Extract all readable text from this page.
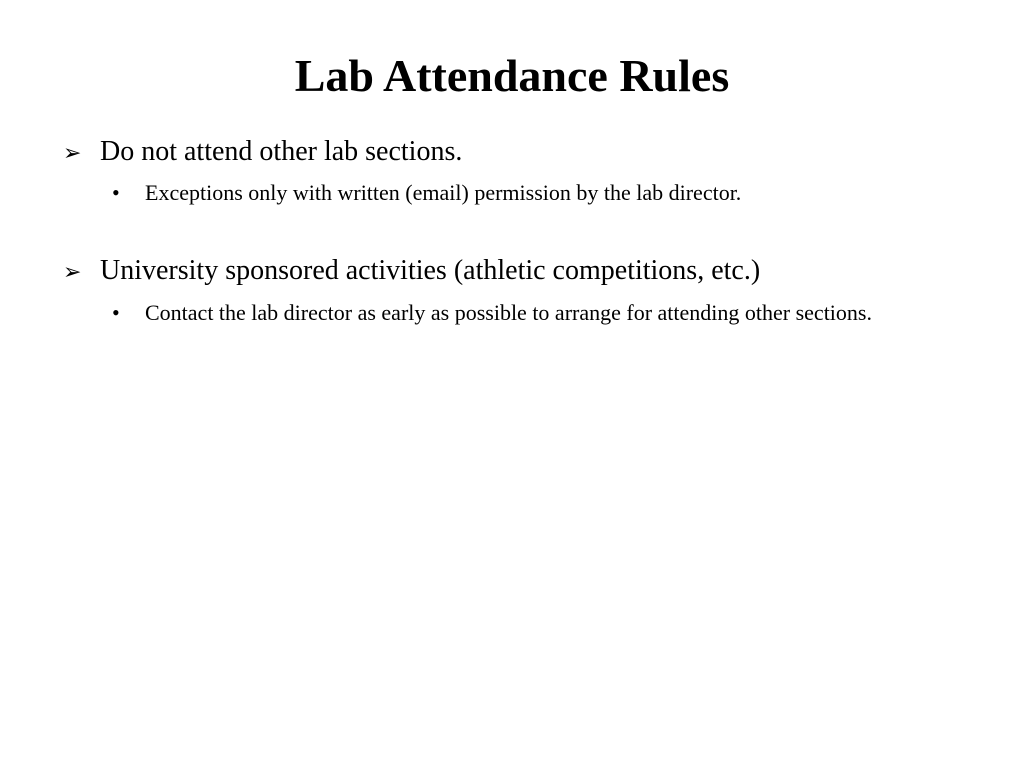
Lab Attendance Rules
➢ Do not attend other lab sections.
•	Exceptions only with written (email) permission by the lab director.
➢ University sponsored activities (athletic competitions, etc.)
•	Contact the lab director as early as possible to arrange for attending other sections.
